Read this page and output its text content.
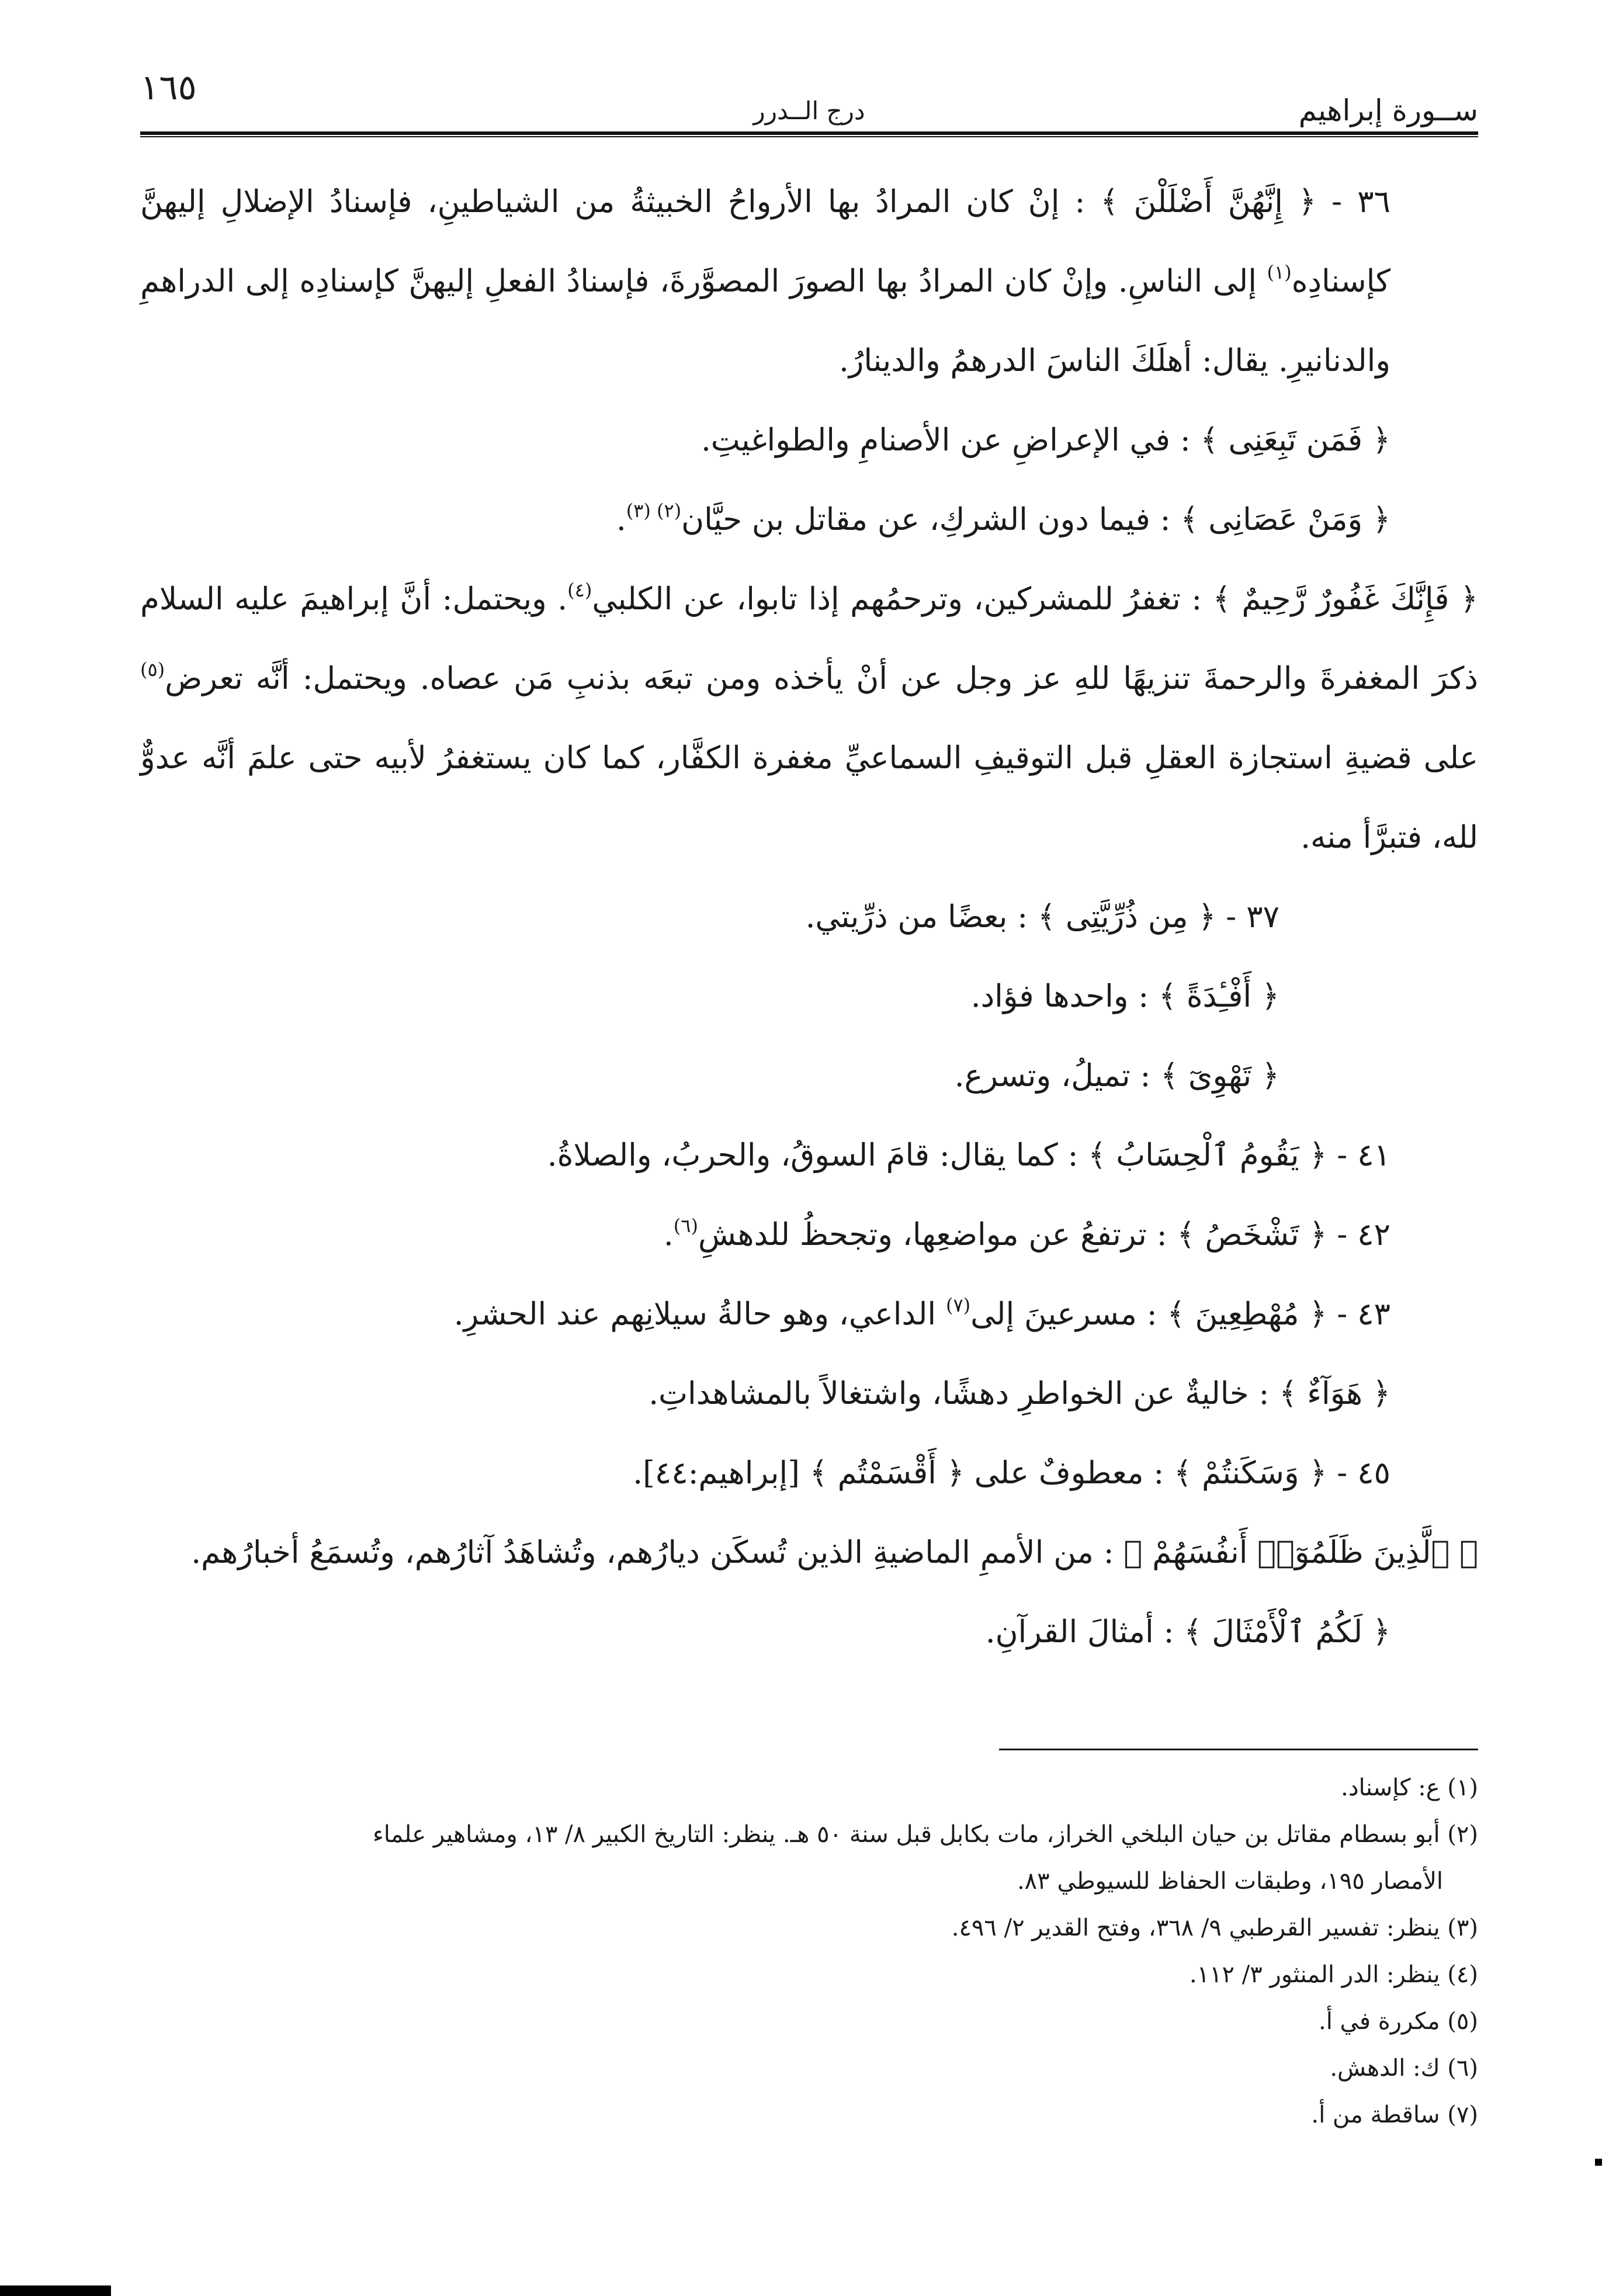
ســورة إبراهيم
درج الــدرر
١٦٥

٣٦ - ﴿ إِنَّهُنَّ أَضْلَلْنَ ﴾ : إنْ كان المرادُ بها الأرواحُ الخبيثةُ من الشياطينِ، فإسنادُ الإضلالِ إليهنَّ كإسنادِه$^{(١)}$ إلى الناسِ. وإنْ كان المرادُ بها الصورَ المصوَّرةَ، فإسنادُ الفعلِ إليهنَّ كإسنادِه إلى الدراهمِ والدنانيرِ. يقال: أهلَكَ الناسَ الدرهمُ والدينارُ.

﴿ فَمَن تَبِعَنِى ﴾ : في الإعراضِ عن الأصنامِ والطواغيتِ.

﴿ وَمَنْ عَصَانِى ﴾ : فيما دون الشركِ، عن مقاتل بن حيَّان$^{(٢) (٣)}$.

﴿ فَإِنَّكَ غَفُورٌ رَّحِيمٌ ﴾ : تغفرُ للمشركين، وترحمُهم إذا تابوا، عن الكلبي$^{(٤)}$. ويحتمل: أنَّ إبراهيمَ عليه السلام ذكرَ المغفرةَ والرحمةَ تنزيهًا للهِ عز وجل عن أنْ يأخذه ومن تبعَه بذنبِ مَن عصاه. ويحتمل: أنَّه تعرض$^{(٥)}$ على قضيةِ استجازة العقلِ قبل التوقيفِ السماعيِّ مغفرة الكفَّار، كما كان يستغفرُ لأبيه حتى علمَ أنَّه عدوٌّ لله، فتبرَّأ منه.

٣٧ - ﴿ مِن ذُرِّيَّتِى ﴾ : بعضًا من ذرِّيتي.

﴿ أَفْـِٔدَةً ﴾ : واحدها فؤاد.

﴿ تَهْوِىٓ ﴾ : تميلُ، وتسرع.

٤١ - ﴿ يَقُومُ ٱلْحِسَابُ ﴾ : كما يقال: قامَ السوقُ، والحربُ، والصلاةُ.

٤٢ - ﴿ تَشْخَصُ ﴾ : ترتفعُ عن مواضعِها، وتجحظُ للدهشِ$^{(٦)}$.

٤٣ - ﴿ مُهْطِعِينَ ﴾ : مسرعينَ إلى$^{(٧)}$ الداعي، وهو حالةُ سيلانِهم عند الحشرِ.

﴿ هَوَآءٌ ﴾ : خاليةٌ عن الخواطرِ دهشًا، واشتغالاً بالمشاهداتِ.

٤٥ - ﴿ وَسَكَنتُمْ ﴾ : معطوفٌ على ﴿ أَقْسَمْتُم ﴾ [إبراهيم:٤٤].

﴿ ٱلَّذِينَ ظَلَمُوٓا۟ أَنفُسَهُمْ ﴾ : من الأممِ الماضيةِ الذين تُسكَن ديارُهم، وتُشاهَدُ آثارُهم، وتُسمَعُ أخبارُهم.

﴿ لَكُمُ ٱلْأَمْثَالَ ﴾ : أمثالَ القرآنِ.

(١) ع: كإسناد.

(٢) أبو بسطام مقاتل بن حيان البلخي الخراز، مات بكابل قبل سنة ٥٠ هـ. ينظر: التاريخ الكبير ٨/ ١٣، ومشاهير علماء
الأمصار ١٩٥، وطبقات الحفاظ للسيوطي ٨٣.

(٣) ينظر: تفسير القرطبي ٩/ ٣٦٨، وفتح القدير ٢/ ٤٩٦.

(٤) ينظر: الدر المنثور ٣/ ١١٢.

(٥) مكررة في أ.

(٦) ك: الدهش.

(٧) ساقطة من أ.
